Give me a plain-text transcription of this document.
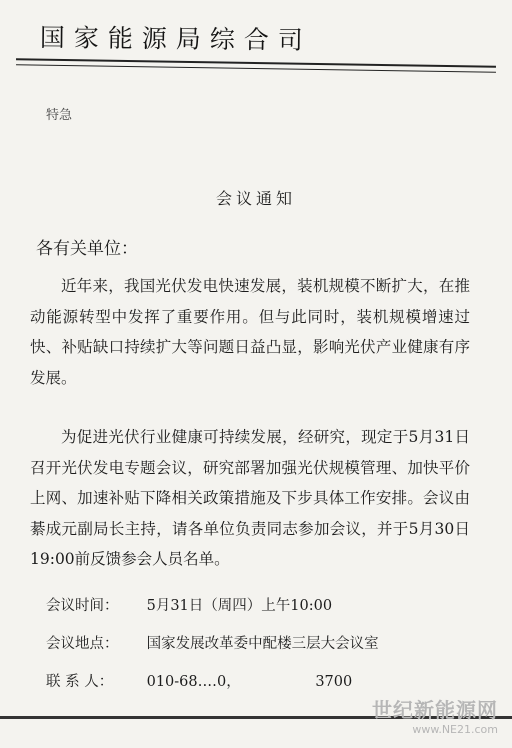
国家能源局综合司
特急
会议通知
各有关单位：

近年来，我国光伏发电快速发展，装机规模不断扩大，在推动能源转型中发挥了重要作用。但与此同时，装机规模增速过快、补贴缺口持续扩大等问题日益凸显，影响光伏产业健康有序发展。

为促进光伏行业健康可持续发展，经研究，现定于5月31日召开光伏发电专题会议，研究部署加强光伏规模管理、加快平价上网、加速补贴下降相关政策措施及下步具体工作安排。会议由綦成元副局长主持，请各单位负责同志参加会议，并于5月30日19:00前反馈参会人员名单。

会议时间： 5月31日（周四）上午10:00
会议地点： 国家发展改革委中配楼三层大会议室
联 系 人： 010-68‥‥0，	3700
世纪新能源网
www.NE21.com
